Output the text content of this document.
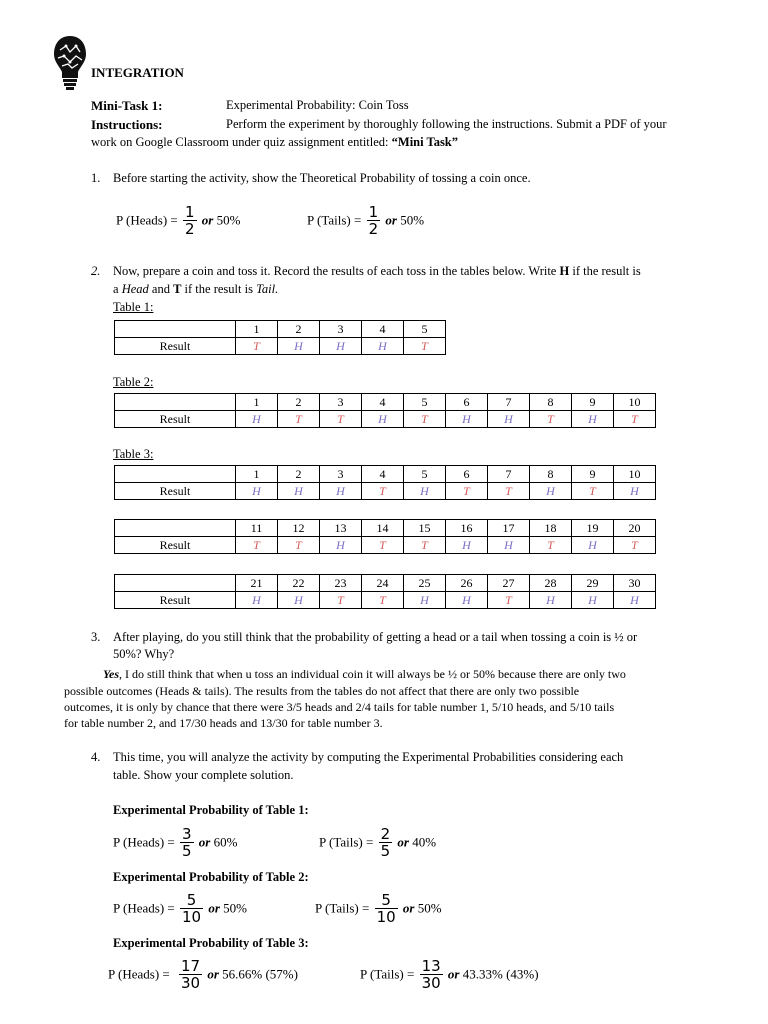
INTEGRATION
Mini-Task 1:	Experimental Probability: Coin Toss
Instructions:	Perform the experiment by thoroughly following the instructions. Submit a PDF of your
work on Google Classroom under quiz assignment entitled: “Mini Task”
1. Before starting the activity, show the Theoretical Probability of tossing a coin once.
P (Heads) = $\frac{1}{2}$ or 50%	P (Tails) = $\frac{1}{2}$ or 50%
2. Now, prepare a coin and toss it. Record the results of each toss in the tables below. Write H if the result is
a Head and T if the result is Tail.
Table 1:
	1	2	3	4	5
Result	T	H	H	H	T
Table 2:
	1	2	3	4	5	6	7	8	9	10
Result	H	T	T	H	T	H	H	T	H	T
Table 3:
	1	2	3	4	5	6	7	8	9	10
Result	H	H	H	T	H	T	T	H	T	H
	11	12	13	14	15	16	17	18	19	20
Result	T	T	H	T	T	H	H	T	H	T
	21	22	23	24	25	26	27	28	29	30
Result	H	H	T	T	H	H	T	H	H	H
3. After playing, do you still think that the probability of getting a head or a tail when tossing a coin is ½ or
50%? Why?
Yes, I do still think that when u toss an individual coin it will always be ½ or 50% because there are only two
possible outcomes (Heads & tails). The results from the tables do not affect that there are only two possible
outcomes, it is only by chance that there were 3/5 heads and 2/4 tails for table number 1, 5/10 heads, and 5/10 tails
for table number 2, and 17/30 heads and 13/30 for table number 3.
4. This time, you will analyze the activity by computing the Experimental Probabilities considering each
table. Show your complete solution.
Experimental Probability of Table 1:
P (Heads) = $\frac{3}{5}$ or 60%	P (Tails) = $\frac{2}{5}$ or 40%
Experimental Probability of Table 2:
P (Heads) = $\frac{5}{10}$ or 50%	P (Tails) = $\frac{5}{10}$ or 50%
Experimental Probability of Table 3:
P (Heads) = $\frac{17}{30}$ or 56.66% (57%)	P (Tails) = $\frac{13}{30}$ or 43.33% (43%)
